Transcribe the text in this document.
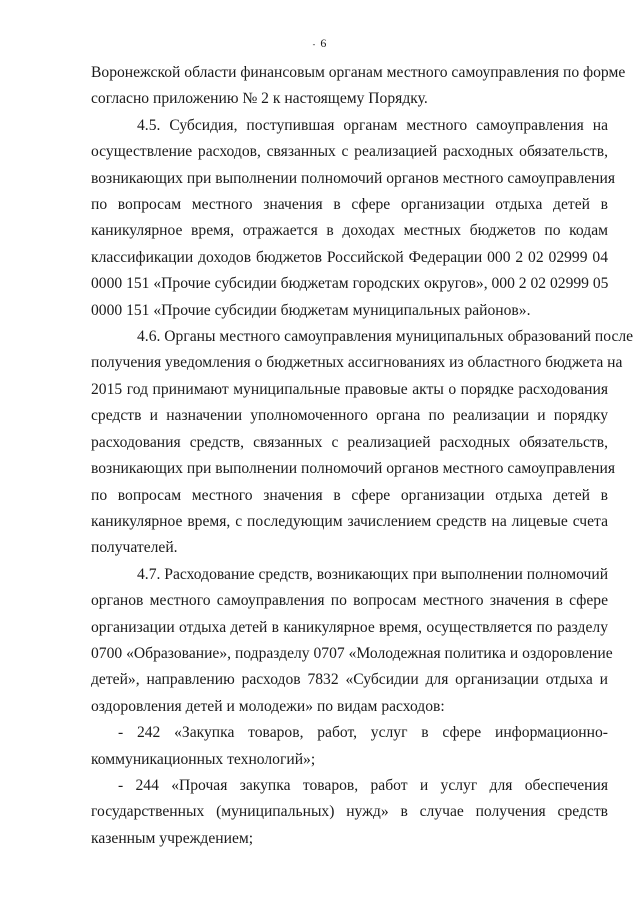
- 6

Воронежской области финансовым органам местного самоуправления по форме
согласно приложению № 2 к настоящему Порядку.

4.5. Субсидия, поступившая органам местного самоуправления на
осуществление расходов, связанных с реализацией расходных обязательств,
возникающих при выполнении полномочий органов местного самоуправления
по вопросам местного значения в сфере организации отдыха детей в
каникулярное время, отражается в доходах местных бюджетов по кодам
классификации доходов бюджетов Российской Федерации 000 2 02 02999 04
0000 151 «Прочие субсидии бюджетам городских округов», 000 2 02 02999 05
0000 151 «Прочие субсидии бюджетам муниципальных районов».

4.6. Органы местного самоуправления муниципальных образований после
получения уведомления о бюджетных ассигнованиях из областного бюджета на
2015 год принимают муниципальные правовые акты о порядке расходования
средств и назначении уполномоченного органа по реализации и порядку
расходования средств, связанных с реализацией расходных обязательств,
возникающих при выполнении полномочий органов местного самоуправления
по вопросам местного значения в сфере организации отдыха детей в
каникулярное время, с последующим зачислением средств на лицевые счета
получателей.

4.7. Расходование средств, возникающих при выполнении полномочий
органов местного самоуправления по вопросам местного значения в сфере
организации отдыха детей в каникулярное время, осуществляется по разделу
0700 «Образование», подразделу 0707 «Молодежная политика и оздоровление
детей», направлению расходов 7832 «Субсидии для организации отдыха и
оздоровления детей и молодежи» по видам расходов:

- 242 «Закупка товаров, работ, услуг в сфере информационно-
коммуникационных технологий»;

- 244 «Прочая закупка товаров, работ и услуг для обеспечения
государственных (муниципальных) нужд» в случае получения средств
казенным учреждением;
